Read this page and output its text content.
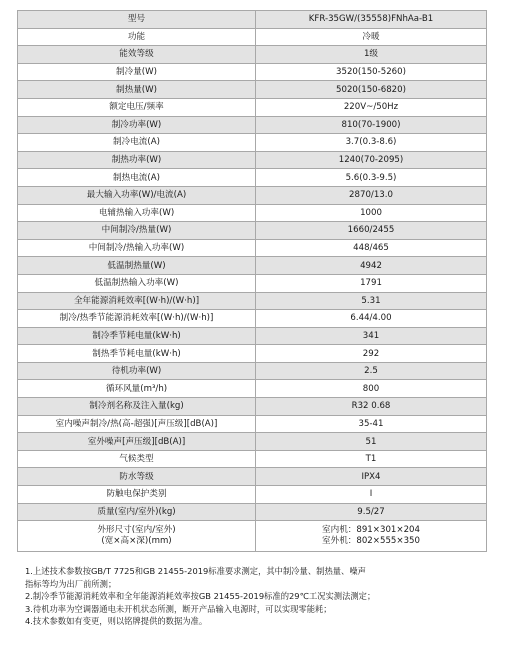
型号	KFR-35GW/(35558)FNhAa-B1
功能	冷暖
能效等级	1级
制冷量(W)	3520(150-5260)
制热量(W)	5020(150-6820)
额定电压/频率	220V~/50Hz
制冷功率(W)	810(70-1900)
制冷电流(A)	3.7(0.3-8.6)
制热功率(W)	1240(70-2095)
制热电流(A)	5.6(0.3-9.5)
最大输入功率(W)/电流(A)	2870/13.0
电辅热输入功率(W)	1000
中间制冷/热量(W)	1660/2455
中间制冷/热输入功率(W)	448/465
低温制热量(W)	4942
低温制热输入功率(W)	1791
全年能源消耗效率[(W·h)/(W·h)]	5.31
制冷/热季节能源消耗效率[(W·h)/(W·h)]	6.44/4.00
制冷季节耗电量(kW·h)	341
制热季节耗电量(kW·h)	292
待机功率(W)	2.5
循环风量(m³/h)	800
制冷剂名称及注入量(kg)	R32 0.68
室内噪声制冷/热(高-超强)[声压级][dB(A)]	35-41
室外噪声[声压级][dB(A)]	51
气候类型	T1
防水等级	IPX4
防触电保护类别	I
质量(室内/室外)(kg)	9.5/27

外形尺寸(室内/室外)
(宽×高×深)(mm)	室内机：891×301×204
室外机：802×555×350

1.上述技术参数按GB/T 7725和GB 21455-2019标准要求测定，其中制冷量、制热量、噪声

指标等均为出厂前所测；

2.制冷季节能源消耗效率和全年能源消耗效率按GB 21455-2019标准的29℃工况实测法测定；

3.待机功率为空调器通电未开机状态所测，断开产品输入电源时，可以实现零能耗；

4.技术参数如有变更，则以铭牌提供的数据为准。
